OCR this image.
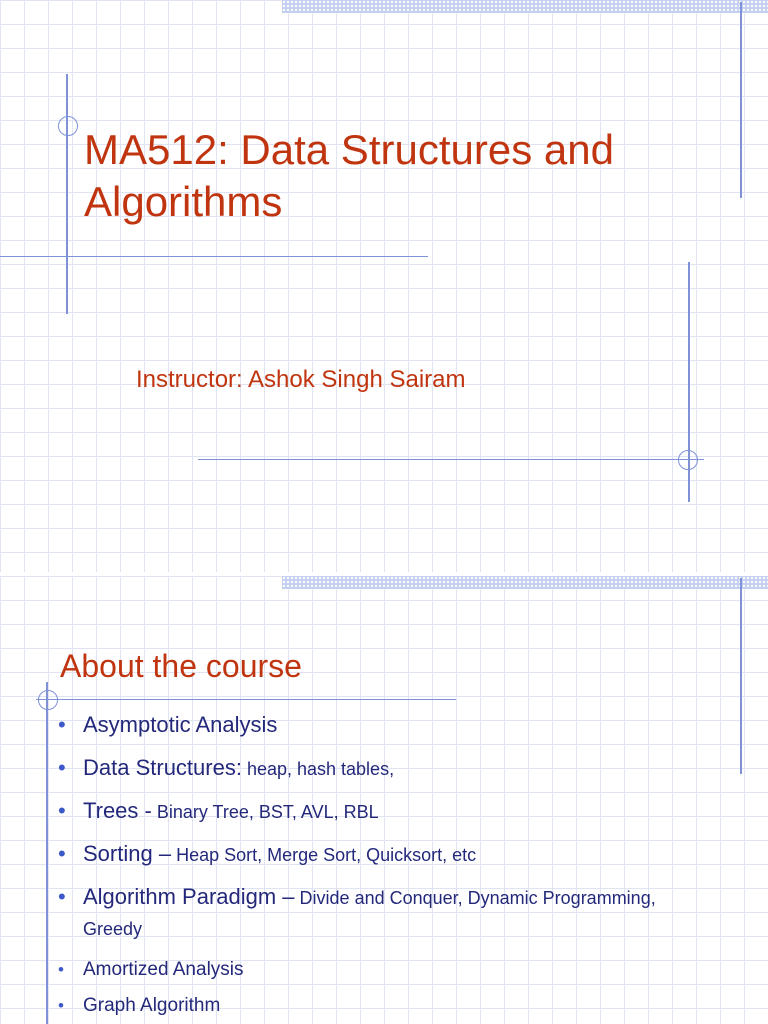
MA512: Data Structures and Algorithms

Instructor: Ashok Singh Sairam

About the course
• Asymptotic Analysis
• Data Structures: heap, hash tables,
• Trees - Binary Tree, BST, AVL, RBL
• Sorting – Heap Sort, Merge Sort, Quicksort, etc
• Algorithm Paradigm – Divide and Conquer, Dynamic Programming, Greedy
• Amortized Analysis
• Graph Algorithm
